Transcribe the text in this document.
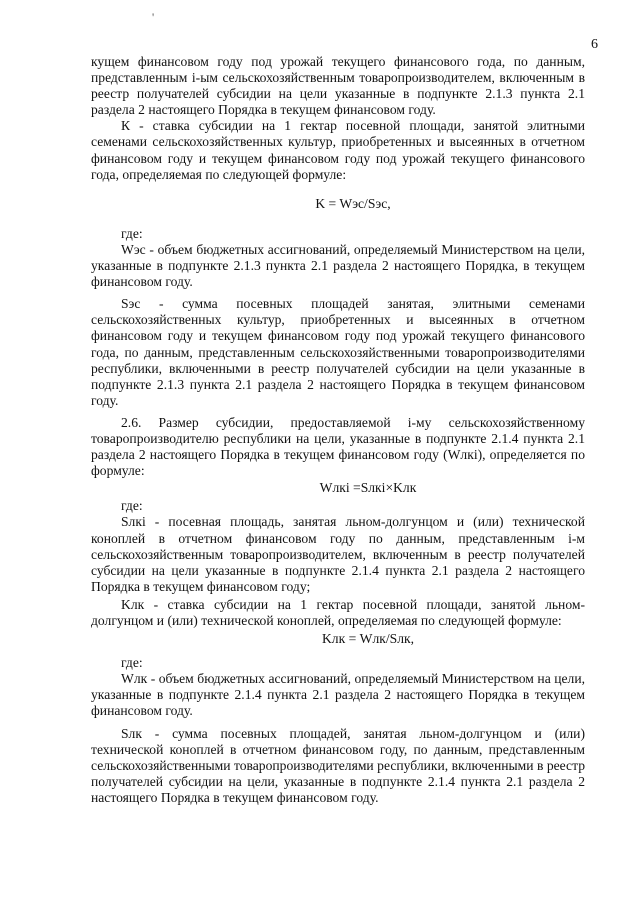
'
6

кущем финансовом году под урожай текущего финансового года, по данным, представленным i-ым сельскохозяйственным товаропроизводителем, включенным в реестр получателей субсидии на цели указанные в подпункте 2.1.3 пункта 2.1 раздела 2 настоящего Порядка в текущем финансовом году.

К - ставка субсидии на 1 гектар посевной площади, занятой элитными семенами сельскохозяйственных культур, приобретенных и высеянных в отчетном финансовом году и текущем финансовом году под урожай текущего финансового года, определяемая по следующей формуле:

K = Wэс/Sэс,

где:

Wэс - объем бюджетных ассигнований, определяемый Министерством на цели, указанные в подпункте 2.1.3 пункта 2.1 раздела 2 настоящего Порядка, в текущем финансовом году.

Sэс - сумма посевных площадей занятая, элитными семенами сельскохозяйственных культур, приобретенных и высеянных в отчетном финансовом году и текущем финансовом году под урожай текущего финансового года, по данным, представленным сельскохозяйственными товаропроизводителями республики, включенными в реестр получателей субсидии на цели указанные в подпункте 2.1.3 пункта 2.1 раздела 2 настоящего Порядка в текущем финансовом году.

2.6. Размер субсидии, предоставляемой i-му сельскохозяйственному товаропроизводителю республики на цели, указанные в подпункте 2.1.4 пункта 2.1 раздела 2 настоящего Порядка в текущем финансовом году (Wлкi), определяется по формуле:

Wлкi =Sлкi×Kлк

где:

Sлкi - посевная площадь, занятая льном-долгунцом и (или) технической коноплей в отчетном финансовом году по данным, представленным i-м сельскохозяйственным товаропроизводителем, включенным в реестр получателей субсидии на цели указанные в подпункте 2.1.4 пункта 2.1 раздела 2 настоящего Порядка в текущем финансовом году;

Kлк - ставка субсидии на 1 гектар посевной площади, занятой льном-долгунцом и (или) технической коноплей, определяемая по следующей формуле:

Kлк = Wлк/Sлк,

где:

Wлк - объем бюджетных ассигнований, определяемый Министерством на цели, указанные в подпункте 2.1.4 пункта 2.1 раздела 2 настоящего Порядка в текущем финансовом году.

Sлк - сумма посевных площадей, занятая льном-долгунцом и (или) технической коноплей в отчетном финансовом году, по данным, представленным сельскохозяйственными товаропроизводителями республики, включенными в реестр получателей субсидии на цели, указанные в подпункте 2.1.4 пункта 2.1 раздела 2 настоящего Порядка в текущем финансовом году.
